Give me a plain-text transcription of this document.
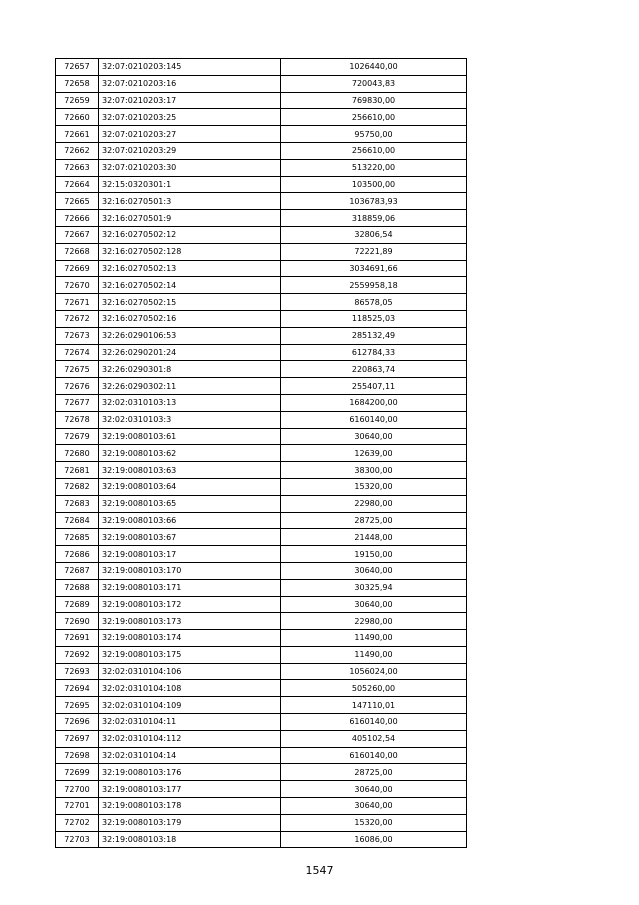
72657	32:07:0210203:145	1026440,00
72658	32:07:0210203:16	720043,83
72659	32:07:0210203:17	769830,00
72660	32:07:0210203:25	256610,00
72661	32:07:0210203:27	95750,00
72662	32:07:0210203:29	256610,00
72663	32:07:0210203:30	513220,00
72664	32:15:0320301:1	103500,00
72665	32:16:0270501:3	1036783,93
72666	32:16:0270501:9	318859,06
72667	32:16:0270502:12	32806,54
72668	32:16:0270502:128	72221,89
72669	32:16:0270502:13	3034691,66
72670	32:16:0270502:14	2559958,18
72671	32:16:0270502:15	86578,05
72672	32:16:0270502:16	118525,03
72673	32:26:0290106:53	285132,49
72674	32:26:0290201:24	612784,33
72675	32:26:0290301:8	220863,74
72676	32:26:0290302:11	255407,11
72677	32:02:0310103:13	1684200,00
72678	32:02:0310103:3	6160140,00
72679	32:19:0080103:61	30640,00
72680	32:19:0080103:62	12639,00
72681	32:19:0080103:63	38300,00
72682	32:19:0080103:64	15320,00
72683	32:19:0080103:65	22980,00
72684	32:19:0080103:66	28725,00
72685	32:19:0080103:67	21448,00
72686	32:19:0080103:17	19150,00
72687	32:19:0080103:170	30640,00
72688	32:19:0080103:171	30325,94
72689	32:19:0080103:172	30640,00
72690	32:19:0080103:173	22980,00
72691	32:19:0080103:174	11490,00
72692	32:19:0080103:175	11490,00
72693	32:02:0310104:106	1056024,00
72694	32:02:0310104:108	505260,00
72695	32:02:0310104:109	147110,01
72696	32:02:0310104:11	6160140,00
72697	32:02:0310104:112	405102,54
72698	32:02:0310104:14	6160140,00
72699	32:19:0080103:176	28725,00
72700	32:19:0080103:177	30640,00
72701	32:19:0080103:178	30640,00
72702	32:19:0080103:179	15320,00
72703	32:19:0080103:18	16086,00
1547
